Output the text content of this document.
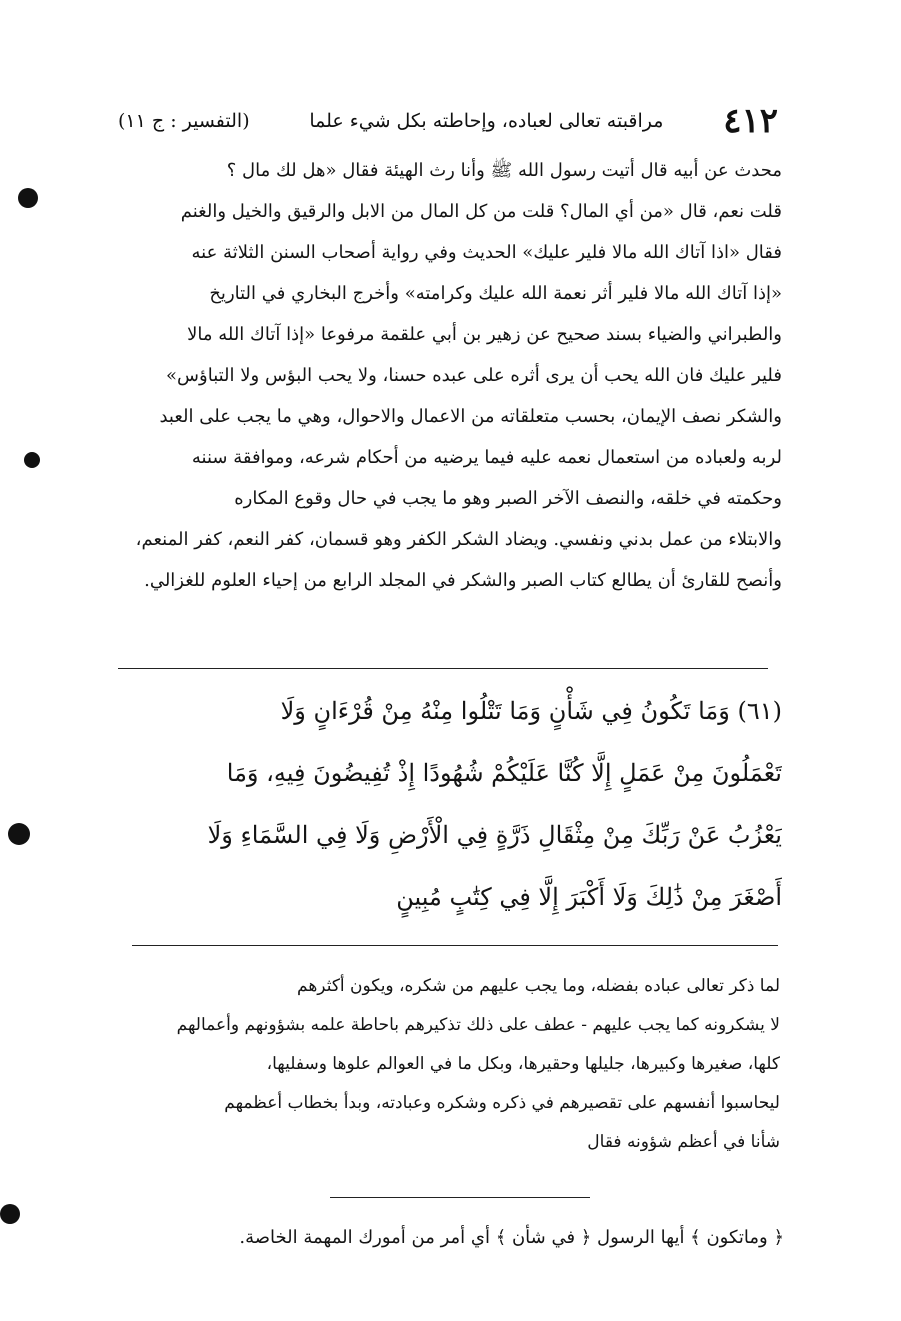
٤١٢
مراقبته تعالى لعباده، وإحاطته بكل شيء علما
(التفسير : ج ١١)
محدث عن أبيه قال أتيت رسول الله ﷺ وأنا رث الهيئة فقال «هل لك مال ؟
قلت نعم، قال «من أي المال؟ قلت من كل المال من الابل والرقيق والخيل والغنم
فقال «اذا آتاك الله مالا فلير عليك» الحديث وفي رواية أصحاب السنن الثلاثة عنه
«إذا آتاك الله مالا فلير أثر نعمة الله عليك وكرامته» وأخرج البخاري في التاريخ
والطبراني والضياء بسند صحيح عن زهير بن أبي علقمة مرفوعا «إذا آتاك الله مالا
فلير عليك فان الله يحب أن يرى أثره على عبده حسنا، ولا يحب البؤس ولا التباؤس»
والشكر نصف الإيمان، بحسب متعلقاته من الاعمال والاحوال، وهي ما يجب على العبد
لربه ولعباده من استعمال نعمه عليه فيما يرضيه من أحكام شرعه، وموافقة سننه
وحكمته في خلقه، والنصف الآخر الصبر وهو ما يجب في حال وقوع المكاره
والابتلاء من عمل بدني ونفسي. ويضاد الشكر الكفر وهو قسمان، كفر النعم، كفر المنعم،
وأنصح للقارئ أن يطالع كتاب الصبر والشكر في المجلد الرابع من إحياء العلوم للغزالي.
(٦١) وَمَا تَكُونُ فِي شَأْنٍ وَمَا تَتْلُوا مِنْهُ مِنْ قُرْءَانٍ وَلَا
تَعْمَلُونَ مِنْ عَمَلٍ إِلَّا كُنَّا عَلَيْكُمْ شُهُودًا إِذْ تُفِيضُونَ فِيهِ، وَمَا
يَعْزُبُ عَنْ رَبِّكَ مِنْ مِثْقَالِ ذَرَّةٍ فِي الْأَرْضِ وَلَا فِي السَّمَاءِ وَلَا
أَصْغَرَ مِنْ ذَٰلِكَ وَلَا أَكْبَرَ إِلَّا فِي كِتَٰبٍ مُبِينٍ
لما ذكر تعالى عباده بفضله، وما يجب عليهم من شكره، ويكون أكثرهم
لا يشكرونه كما يجب عليهم - عطف على ذلك تذكيرهم باحاطة علمه بشؤونهم وأعمالهم
كلها، صغيرها وكبيرها، جليلها وحقيرها، وبكل ما في العوالم علوها وسفليها،
ليحاسبوا أنفسهم على تقصيرهم في ذكره وشكره وعبادته، وبدأ بخطاب أعظمهم
شأنا في أعظم شؤونه فقال
﴿ وماتكون ﴾ أيها الرسول ﴿ في شأن ﴾ أي أمر من أمورك المهمة الخاصة.
